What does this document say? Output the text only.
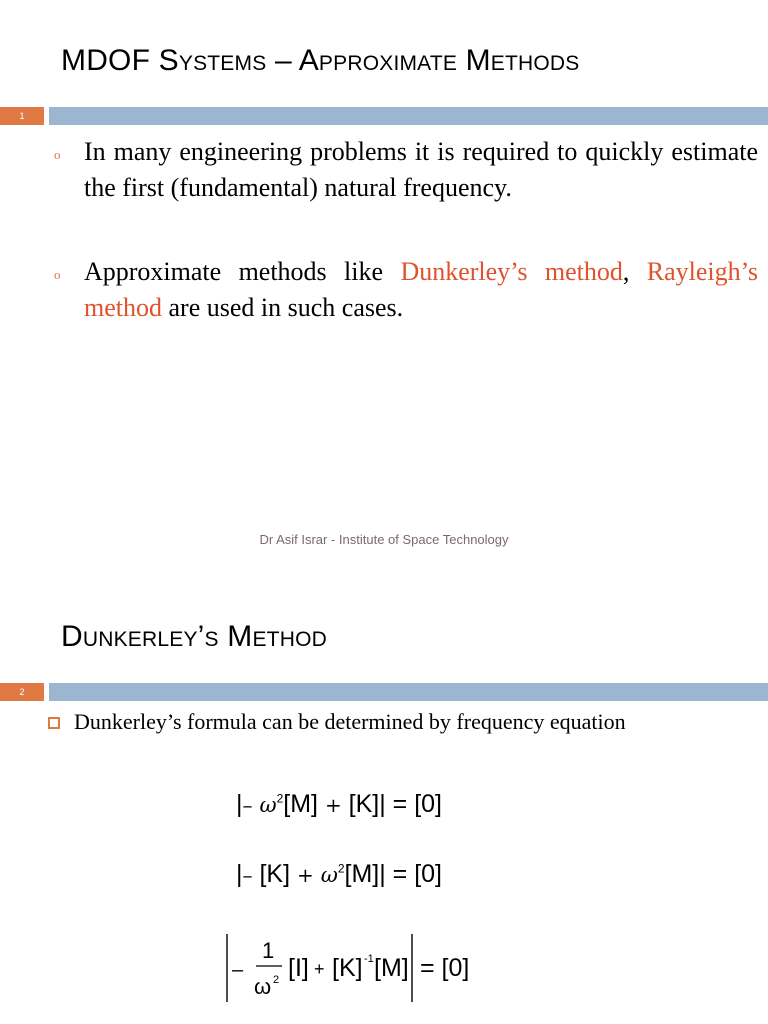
MDOF Systems – Approximate Methods
1
o In many engineering problems it is required to quickly estimate the first (fundamental) natural frequency.
o Approximate methods like Dunkerley’s method, Rayleigh’s method are used in such cases.
Dr Asif Israr - Institute of Space Technology
Dunkerley’s Method
2
Dunkerley’s formula can be determined by frequency equation
|– $\omega^2[M] + [K]| = [0]$
|– $[K] + \omega^2[M]| = [0]$
–
1
ω 2 [I] + [K] -1 [M] = [0]
